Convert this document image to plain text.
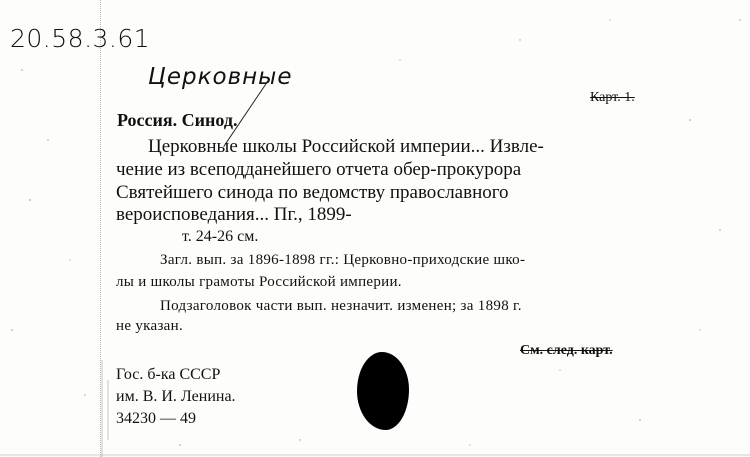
20.58.3.61
Церковные
Карт. 1.
Россия. Синод.
Церковные школы Российской империи... Извле-
чение из всеподданейшего отчета обер-прокурора
Святейшего синода по ведомству православного
вероисповедания... Пг., 1899-
т. 24-26 см.
Загл. вып. за 1896-1898 гг.: Церковно-приходские шко-
лы и школы грамоты Российской империи.
Подзаголовок части вып. незначит. изменен; за 1898 г.
не указан.
См. след. карт.
Гос. б-ка СССР
им. В. И. Ленина.
34230 — 49
